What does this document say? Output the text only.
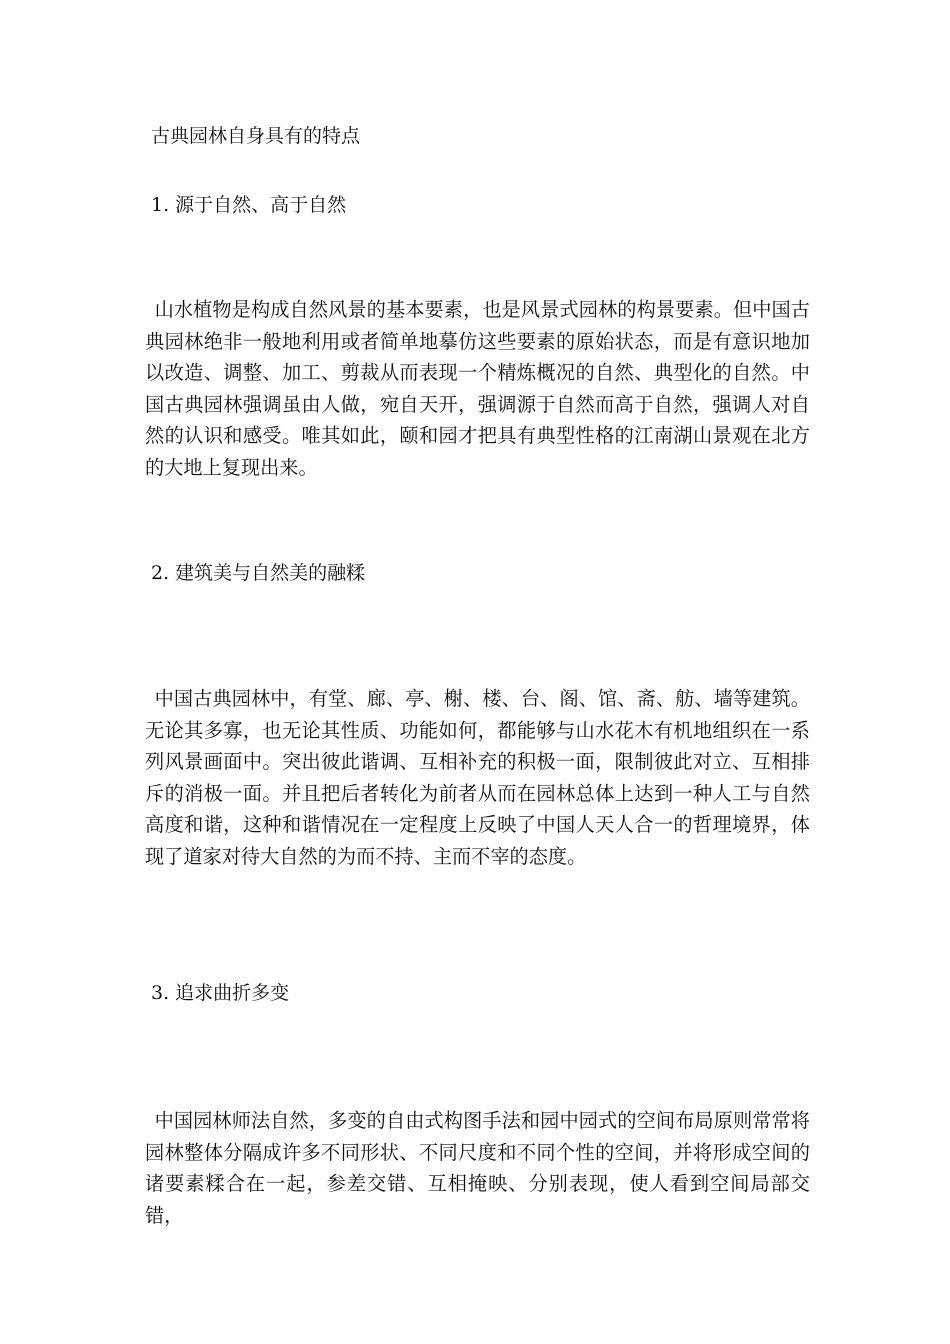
古典园林自身具有的特点
1. 源于自然、高于自然

山水植物是构成自然风景的基本要素，也是风景式园林的构景要素。但中国古典园林绝非一般地利用或者简单地摹仿这些要素的原始状态，而是有意识地加以改造、调整、加工、剪裁从而表现一个精炼概况的自然、典型化的自然。中国古典园林强调虽由人做，宛自天开，强调源于自然而高于自然，强调人对自然的认识和感受。唯其如此，颐和园才把具有典型性格的江南湖山景观在北方的大地上复现出来。

2. 建筑美与自然美的融糅

中国古典园林中，有堂、廊、亭、榭、楼、台、阁、馆、斋、舫、墙等建筑。无论其多寡，也无论其性质、功能如何，都能够与山水花木有机地组织在一系列风景画面中。突出彼此谐调、互相补充的积极一面，限制彼此对立、互相排斥的消极一面。并且把后者转化为前者从而在园林总体上达到一种人工与自然高度和谐，这种和谐情况在一定程度上反映了中国人天人合一的哲理境界，体现了道家对待大自然的为而不持、主而不宰的态度。

3. 追求曲折多变

中国园林师法自然，多变的自由式构图手法和园中园式的空间布局原则常常将园林整体分隔成许多不同形状、不同尺度和不同个性的空间，并将形成空间的诸要素糅合在一起，参差交错、互相掩映、分别表现，使人看到空间局部交错，
